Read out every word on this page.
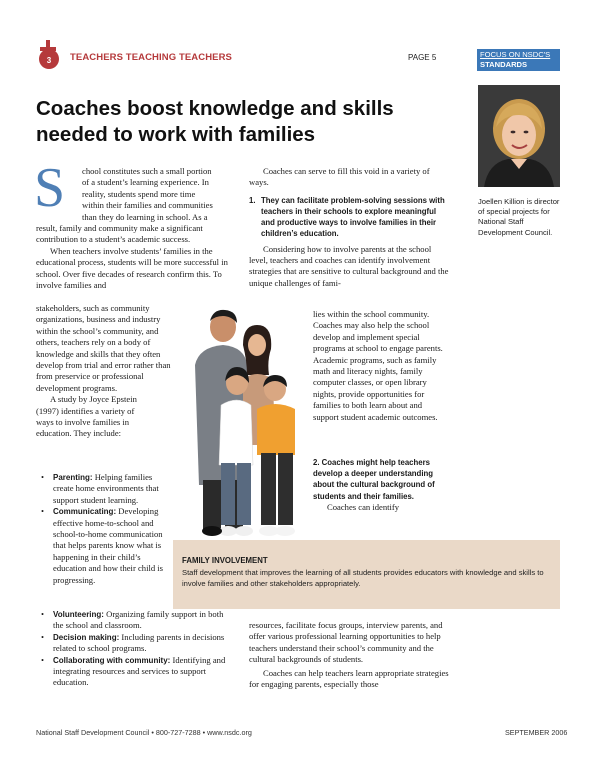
3 TEACHERS TEACHING TEACHERS	PAGE 5	FOCUS ON NSDC'S
STANDARDS
Coaches boost knowledge and skills
needed to work with families
Joellen Killion is director of special projects for National Staff Development Council.
S	chool constitutes such a small portion
of a student’s learning experience. In
reality, students spend more time
within their families and communities
than they do learning in school. As a

result, family and community make a significant contribution to a student’s academic success.

When teachers involve students’ families in the educational process, students will be more successful in school. Over five decades of research confirm this. To involve families and

stakeholders, such as community organizations, business and industry within the school’s community, and others, teachers rely on a body of knowledge and skills that they often develop from trial and error rather than from preservice or professional development programs.

A study by Joyce Epstein (1997) identifies a variety of ways to involve families in education. They include:

• Parenting: Helping families create home environments that support student learning.
• Communicating: Developing effective home-to-school and school-to-home communication that helps parents know what is happening in their child’s education and how their child is progressing.
• Volunteering: Organizing family support in both the school and classroom.
• Decision making: Including parents in decisions related to school programs.
• Collaborating with community: Identifying and integrating resources and services to support education.

Coaches can serve to fill this void in a variety of ways.

1. They can facilitate problem-solving sessions with teachers in their schools to explore meaningful and productive ways to involve families in their children’s education.

Considering how to involve parents at the school level, teachers and coaches can identify involvement strategies that are sensitive to cultural background and the unique challenges of fami-

lies within the school community. Coaches may also help the school develop and implement special programs at school to engage parents. Academic programs, such as family math and literacy nights, family computer classes, or open library nights, provide opportunities for families to both learn about and support student academic outcomes.

2. Coaches might help teachers develop a deeper understanding about the cultural background of students and their families.
Coaches can identify

resources, facilitate focus groups, interview parents, and offer various professional learning opportunities to help teachers understand their school’s community and the cultural backgrounds of students.

Coaches can help teachers learn appropriate strategies for engaging parents, especially those

FAMILY INVOLVEMENT
Staff development that improves the learning of all students provides educators with knowledge and skills to involve families and other stakeholders appropriately.
National Staff Development Council • 800-727-7288 • www.nsdc.org	SEPTEMBER 2006
